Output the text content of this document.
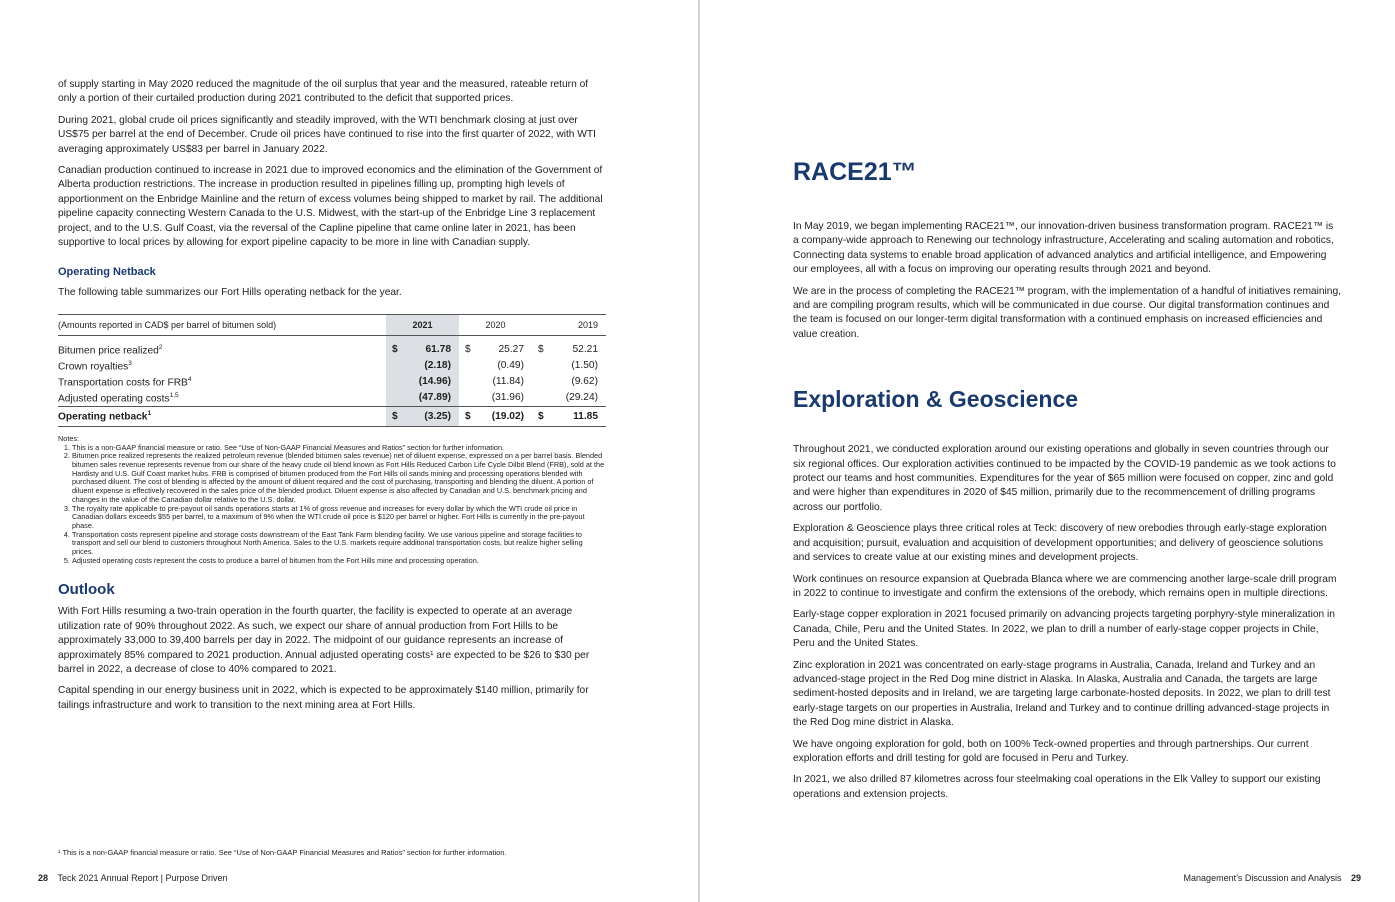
of supply starting in May 2020 reduced the magnitude of the oil surplus that year and the measured, rateable return of only a portion of their curtailed production during 2021 contributed to the deficit that supported prices.

During 2021, global crude oil prices significantly and steadily improved, with the WTI benchmark closing at just over US$75 per barrel at the end of December. Crude oil prices have continued to rise into the first quarter of 2022, with WTI averaging approximately US$83 per barrel in January 2022.

Canadian production continued to increase in 2021 due to improved economics and the elimination of the Government of Alberta production restrictions. The increase in production resulted in pipelines filling up, prompting high levels of apportionment on the Enbridge Mainline and the return of excess volumes being shipped to market by rail. The additional pipeline capacity connecting Western Canada to the U.S. Midwest, with the start-up of the Enbridge Line 3 replacement project, and to the U.S. Gulf Coast, via the reversal of the Capline pipeline that came online later in 2021, has been supportive to local prices by allowing for export pipeline capacity to be more in line with Canadian supply.

Operating Netback

The following table summarizes our Fort Hills operating netback for the year.

(Amounts reported in CAD$ per barrel of bitumen sold)	2021		2020		2019	

Bitumen price realized$^2$	$	61.78	$	25.27	$	52.21
Crown royalties$^3$		(2.18)		(0.49)		(1.50)
Transportation costs for FRB$^4$		(14.96)		(11.84)		(9.62)
Adjusted operating costs$^{1,5}$		(47.89)		(31.96)		(29.24)
Operating netback$^1$	$	(3.25)	$	(19.02)	$	11.85
Notes:
1. This is a non-GAAP financial measure or ratio. See “Use of Non-GAAP Financial Measures and Ratios” section for further information.
2. Bitumen price realized represents the realized petroleum revenue (blended bitumen sales revenue) net of diluent expense, expressed on a per barrel basis. Blended bitumen sales revenue represents revenue from our share of the heavy crude oil blend known as Fort Hills Reduced Carbon Life Cycle Dilbit Blend (FRB), sold at the Hardisty and U.S. Gulf Coast market hubs. FRB is comprised of bitumen produced from the Fort Hills oil sands mining and processing operations blended with purchased diluent. The cost of blending is affected by the amount of diluent required and the cost of purchasing, transporting and blending the diluent. A portion of diluent expense is effectively recovered in the sales price of the blended product. Diluent expense is also affected by Canadian and U.S. benchmark pricing and changes in the value of the Canadian dollar relative to the U.S. dollar.
3. The royalty rate applicable to pre-payout oil sands operations starts at 1% of gross revenue and increases for every dollar by which the WTI crude oil price in Canadian dollars exceeds $55 per barrel, to a maximum of 9% when the WTI crude oil price is $120 per barrel or higher. Fort Hills is currently in the pre-payout phase.
4. Transportation costs represent pipeline and storage costs downstream of the East Tank Farm blending facility. We use various pipeline and storage facilities to transport and sell our blend to customers throughout North America. Sales to the U.S. markets require additional transportation costs, but realize higher selling prices.
5. Adjusted operating costs represent the costs to produce a barrel of bitumen from the Fort Hills mine and processing operation.
Outlook

With Fort Hills resuming a two-train operation in the fourth quarter, the facility is expected to operate at an average utilization rate of 90% throughout 2022. As such, we expect our share of annual production from Fort Hills to be approximately 33,000 to 39,400 barrels per day in 2022. The midpoint of our guidance represents an increase of approximately 85% compared to 2021 production. Annual adjusted operating costs¹ are expected to be $26 to $30 per barrel in 2022, a decrease of close to 40% compared to 2021.

Capital spending in our energy business unit in 2022, which is expected to be approximately $140 million, primarily for tailings infrastructure and work to transition to the next mining area at Fort Hills.

¹ This is a non-GAAP financial measure or ratio. See “Use of Non-GAAP Financial Measures and Ratios” section for further information.
28 Teck 2021 Annual Report | Purpose Driven
RACE21™

In May 2019, we began implementing RACE21™, our innovation-driven business transformation program. RACE21™ is a company-wide approach to Renewing our technology infrastructure, Accelerating and scaling automation and robotics, Connecting data systems to enable broad application of advanced analytics and artificial intelligence, and Empowering our employees, all with a focus on improving our operating results through 2021 and beyond.

We are in the process of completing the RACE21™ program, with the implementation of a handful of initiatives remaining, and are compiling program results, which will be communicated in due course. Our digital transformation continues and the team is focused on our longer-term digital transformation with a continued emphasis on increased efficiencies and value creation.

Exploration & Geoscience

Throughout 2021, we conducted exploration around our existing operations and globally in seven countries through our six regional offices. Our exploration activities continued to be impacted by the COVID-19 pandemic as we took actions to protect our teams and host communities. Expenditures for the year of $65 million were focused on copper, zinc and gold and were higher than expenditures in 2020 of $45 million, primarily due to the recommencement of drilling programs across our portfolio.

Exploration & Geoscience plays three critical roles at Teck: discovery of new orebodies through early-stage exploration and acquisition; pursuit, evaluation and acquisition of development opportunities; and delivery of geoscience solutions and services to create value at our existing mines and development projects.

Work continues on resource expansion at Quebrada Blanca where we are commencing another large-scale drill program in 2022 to continue to investigate and confirm the extensions of the orebody, which remains open in multiple directions.

Early-stage copper exploration in 2021 focused primarily on advancing projects targeting porphyry-style mineralization in Canada, Chile, Peru and the United States. In 2022, we plan to drill a number of early-stage copper projects in Chile, Peru and the United States.

Zinc exploration in 2021 was concentrated on early-stage programs in Australia, Canada, Ireland and Turkey and an advanced-stage project in the Red Dog mine district in Alaska. In Alaska, Australia and Canada, the targets are large sediment-hosted deposits and in Ireland, we are targeting large carbonate-hosted deposits. In 2022, we plan to drill test early-stage targets on our properties in Australia, Ireland and Turkey and to continue drilling advanced-stage projects in the Red Dog mine district in Alaska.

We have ongoing exploration for gold, both on 100% Teck-owned properties and through partnerships. Our current exploration efforts and drill testing for gold are focused in Peru and Turkey.

In 2021, we also drilled 87 kilometres across four steelmaking coal operations in the Elk Valley to support our existing operations and extension projects.

Management’s Discussion and Analysis 29
